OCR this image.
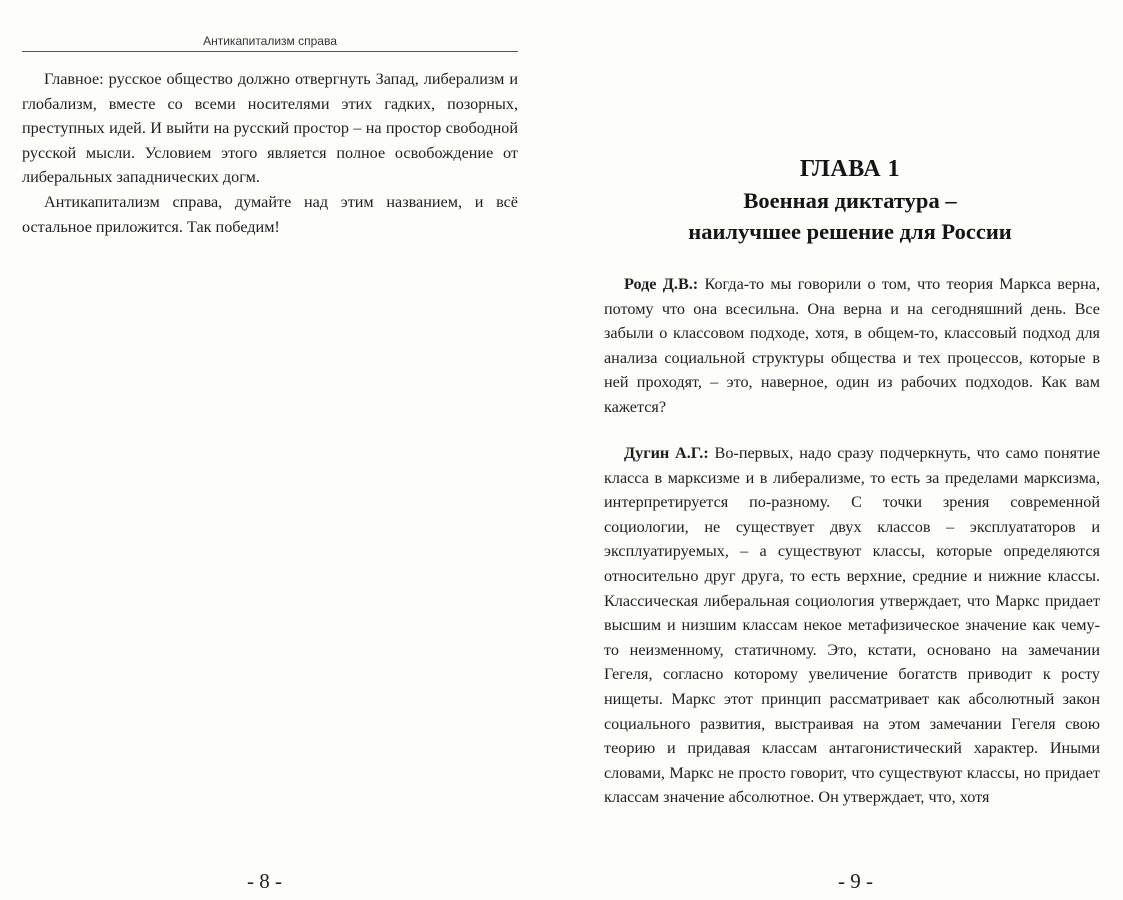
Антикапитализм справа

Главное: русское общество должно отвергнуть Запад, либерализм и глобализм, вместе со всеми носителями этих гадких, позорных, преступных идей. И выйти на русский простор – на простор свободной русской мысли. Условием этого является полное освобождение от либеральных западнических догм.

Антикапитализм справа, думайте над этим названием, и всё остальное приложится. Так победим!

- 8 -
ГЛАВА 1
Военная диктатура –
наилучшее решение для России

Роде Д.В.: Когда-то мы говорили о том, что теория Маркса верна, потому что она всесильна. Она верна и на сегодняшний день. Все забыли о классовом подходе, хотя, в общем-то, классовый подход для анализа социальной структуры общества и тех процессов, которые в ней проходят, – это, наверное, один из рабочих подходов. Как вам кажется?

Дугин А.Г.: Во-первых, надо сразу подчеркнуть, что само понятие класса в марксизме и в либерализме, то есть за пределами марксизма, интерпретируется по-разному. С точки зрения современной социологии, не существует двух классов – эксплуататоров и эксплуатируемых, – а существуют классы, которые определяются относительно друг друга, то есть верхние, средние и нижние классы. Классическая либеральная социология утверждает, что Маркс придает высшим и низшим классам некое метафизическое значение как чему-то неизменному, статичному. Это, кстати, основано на замечании Гегеля, согласно которому увеличение богатств приводит к росту нищеты. Маркс этот принцип рассматривает как абсолютный закон социального развития, выстраивая на этом замечании Гегеля свою теорию и придавая классам антагонистический характер. Иными словами, Маркс не просто говорит, что существуют классы, но придает классам значение абсолютное. Он утверждает, что, хотя

- 9 -
